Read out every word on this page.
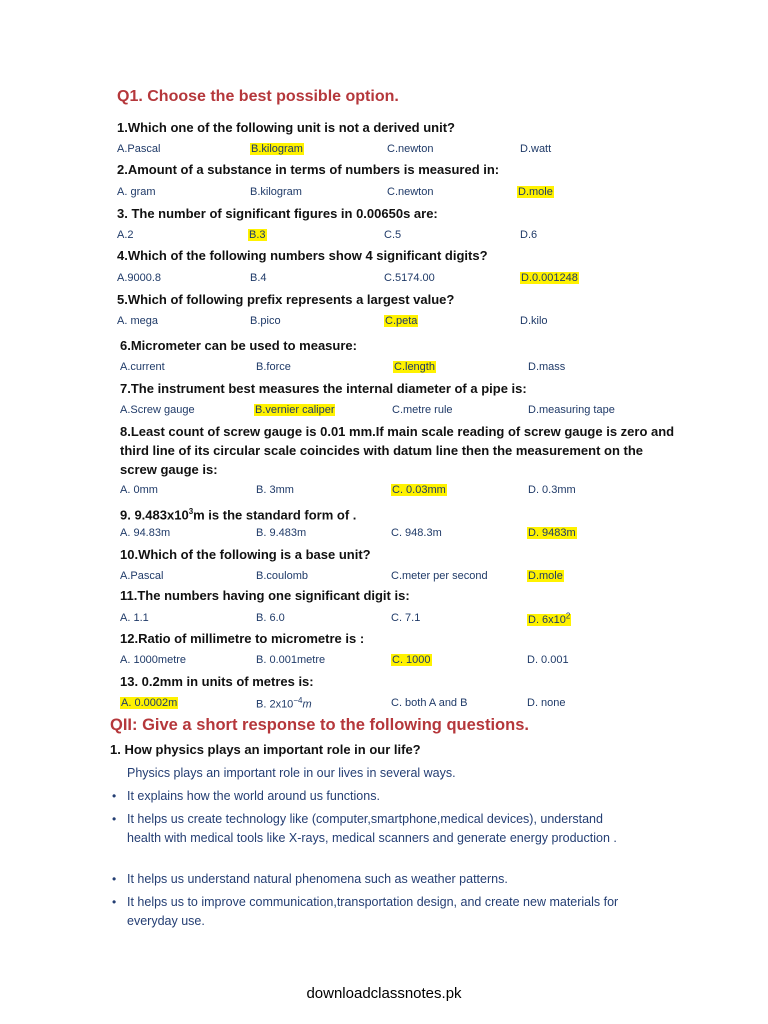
Q1. Choose the best possible option.
1.Which one of the following unit is not a derived unit?
A.Pascal	B.kilogram	C.newton	D.watt
2.Amount of a substance in terms of numbers is measured in:
A. gram	B.kilogram	C.newton	D.mole
3. The number of significant figures in 0.00650s are:
A.2	B.3	C.5	D.6
4.Which of the following numbers show 4 significant digits?
A.9000.8	B.4	C.5174.00	D.0.001248
5.Which of following prefix represents a largest value?
A. mega	B.pico	C.peta	D.kilo
6.Micrometer can be used to measure:
A.current	B.force	C.length	D.mass
7.The instrument best measures the internal diameter of a pipe is:
A.Screw gauge	B.vernier caliper	C.metre rule	D.measuring tape
8.Least count of screw gauge is 0.01 mm.If main scale reading of screw gauge is zero and third line of its circular scale coincides with datum line then the measurement on the screw gauge is:
A. 0mm	B. 3mm	C. 0.03mm	D. 0.3mm
9. $9.483x10^3m$ is the standard form of .
A. 94.83m	B. 9.483m	C. 948.3m	D. 9483m
10.Which of the following is a base unit?
A.Pascal	B.coulomb	C.meter per second	D.mole
11.The numbers having one significant digit is:
A. 1.1	B. 6.0	C. 7.1	D. $6x10^2$
12.Ratio of millimetre to micrometre is :
A. 1000metre	B. 0.001metre	C. 1000	D. 0.001
13. 0.2mm in units of metres is:
A. 0.0002m	B. $2x10^{-4}m$	C. both A and B	D. none
QII: Give a short response to the following questions.
1. How physics plays an important role in our life?
Physics plays an important role in our lives in several ways.
• It explains how the world around us functions.
• It helps us create technology like (computer,smartphone,medical devices), understand health with medical tools like X-rays, medical scanners and generate energy production .
• It helps us understand natural phenomena such as weather patterns.
• It helps us to improve communication,transportation design, and create new materials for everyday use.
downloadclassnotes.pk
